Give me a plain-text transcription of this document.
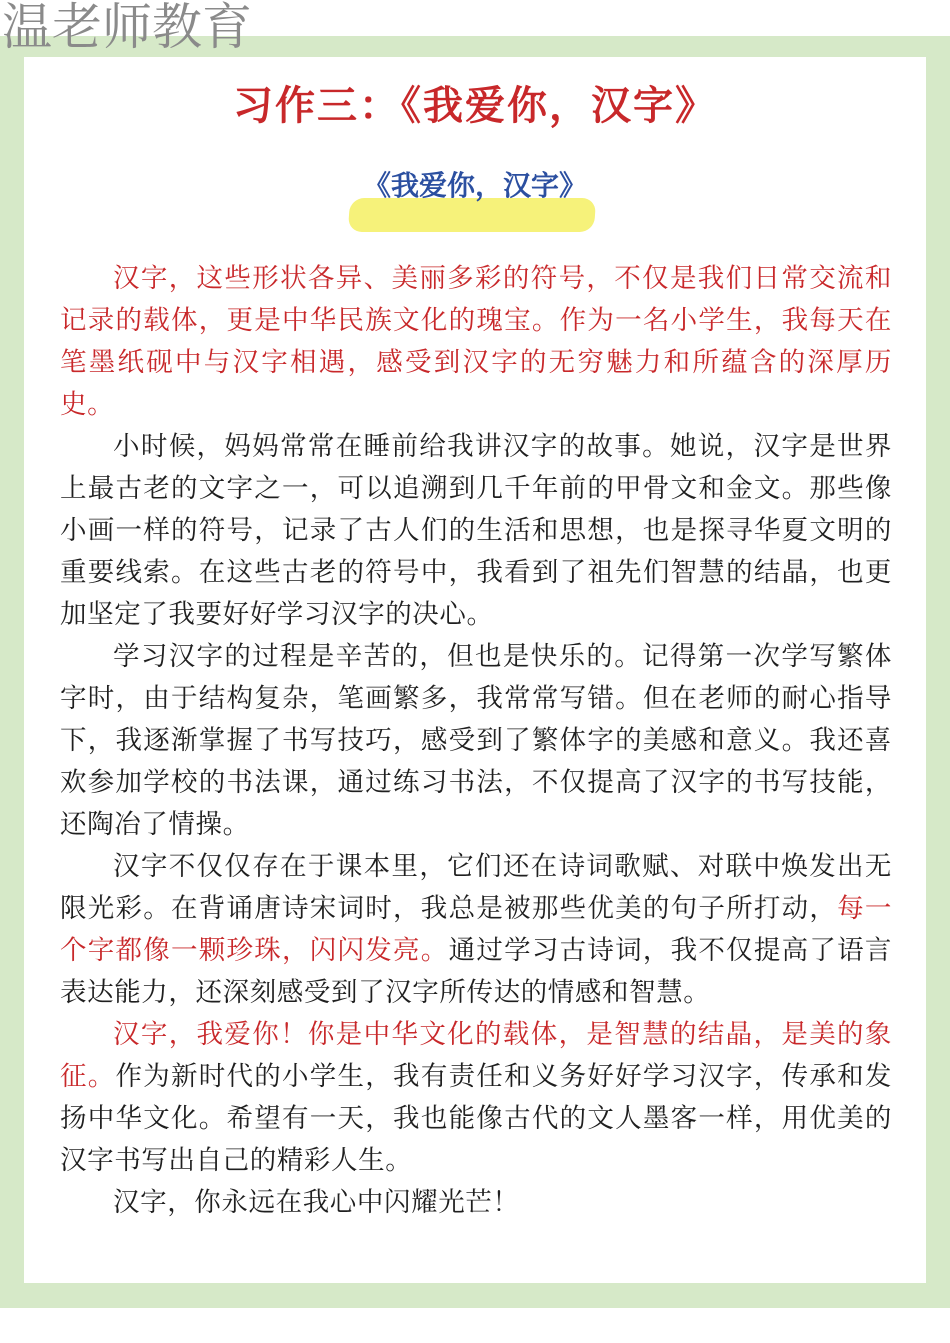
温老师教育
习作三：《我爱你，汉字》
《我爱你，汉字》

汉字，这些形状各异、美丽多彩的符号，不仅是我们日常交流和记录的载体，更是中华民族文化的瑰宝。作为一名小学生，我每天在笔墨纸砚中与汉字相遇，感受到汉字的无穷魅力和所蕴含的深厚历史。

小时候，妈妈常常在睡前给我讲汉字的故事。她说，汉字是世界上最古老的文字之一，可以追溯到几千年前的甲骨文和金文。那些像小画一样的符号，记录了古人们的生活和思想，也是探寻华夏文明的重要线索。在这些古老的符号中，我看到了祖先们智慧的结晶，也更加坚定了我要好好学习汉字的决心。

学习汉字的过程是辛苦的，但也是快乐的。记得第一次学写繁体字时，由于结构复杂，笔画繁多，我常常写错。但在老师的耐心指导下，我逐渐掌握了书写技巧，感受到了繁体字的美感和意义。我还喜欢参加学校的书法课，通过练习书法，不仅提高了汉字的书写技能，还陶冶了情操。

汉字不仅仅存在于课本里，它们还在诗词歌赋、对联中焕发出无限光彩。在背诵唐诗宋词时，我总是被那些优美的句子所打动，每一个字都像一颗珍珠，闪闪发亮。通过学习古诗词，我不仅提高了语言表达能力，还深刻感受到了汉字所传达的情感和智慧。

汉字，我爱你！你是中华文化的载体，是智慧的结晶，是美的象征。作为新时代的小学生，我有责任和义务好好学习汉字，传承和发扬中华文化。希望有一天，我也能像古代的文人墨客一样，用优美的汉字书写出自己的精彩人生。

汉字，你永远在我心中闪耀光芒！
